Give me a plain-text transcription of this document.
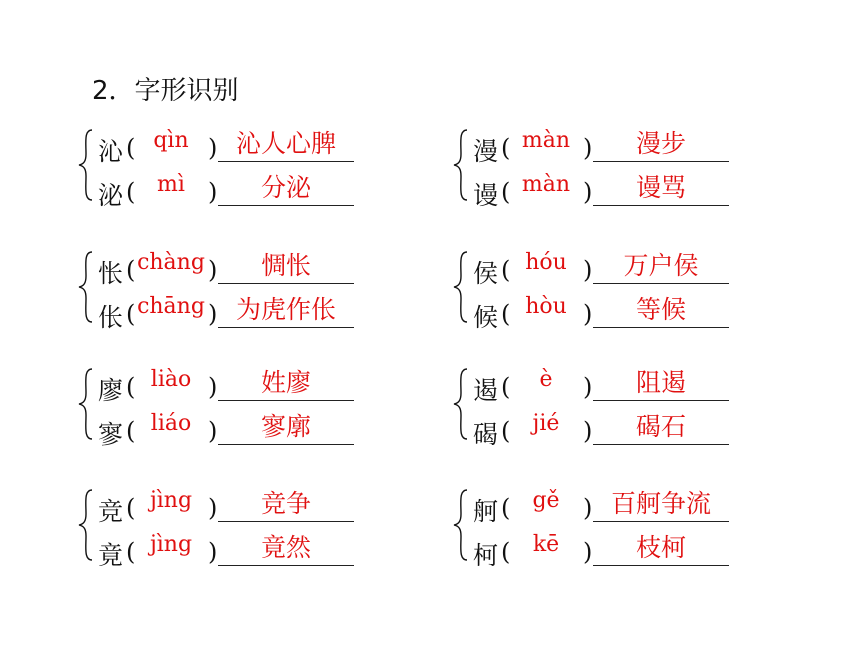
2．字形识别
沁 ( qìn ) 沁人心脾
泌 ( mì )	分泌
漫 ( màn )	漫步
谩 ( màn )	谩骂
怅 ( chàng )	惆怅
伥 ( chāng ) 为虎作伥
侯 ( hóu )	万户侯
候 ( hòu )	等候
廖 ( liào )	姓廖
寥 ( liáo )	寥廓
遏 (	è	)	阻遏
碣 (	jié )	碣石
竞 ( jìng )	竞争
竟 ( jìng )	竟然
舸 (	gě ) 百舸争流
柯 (	kē )	枝柯
